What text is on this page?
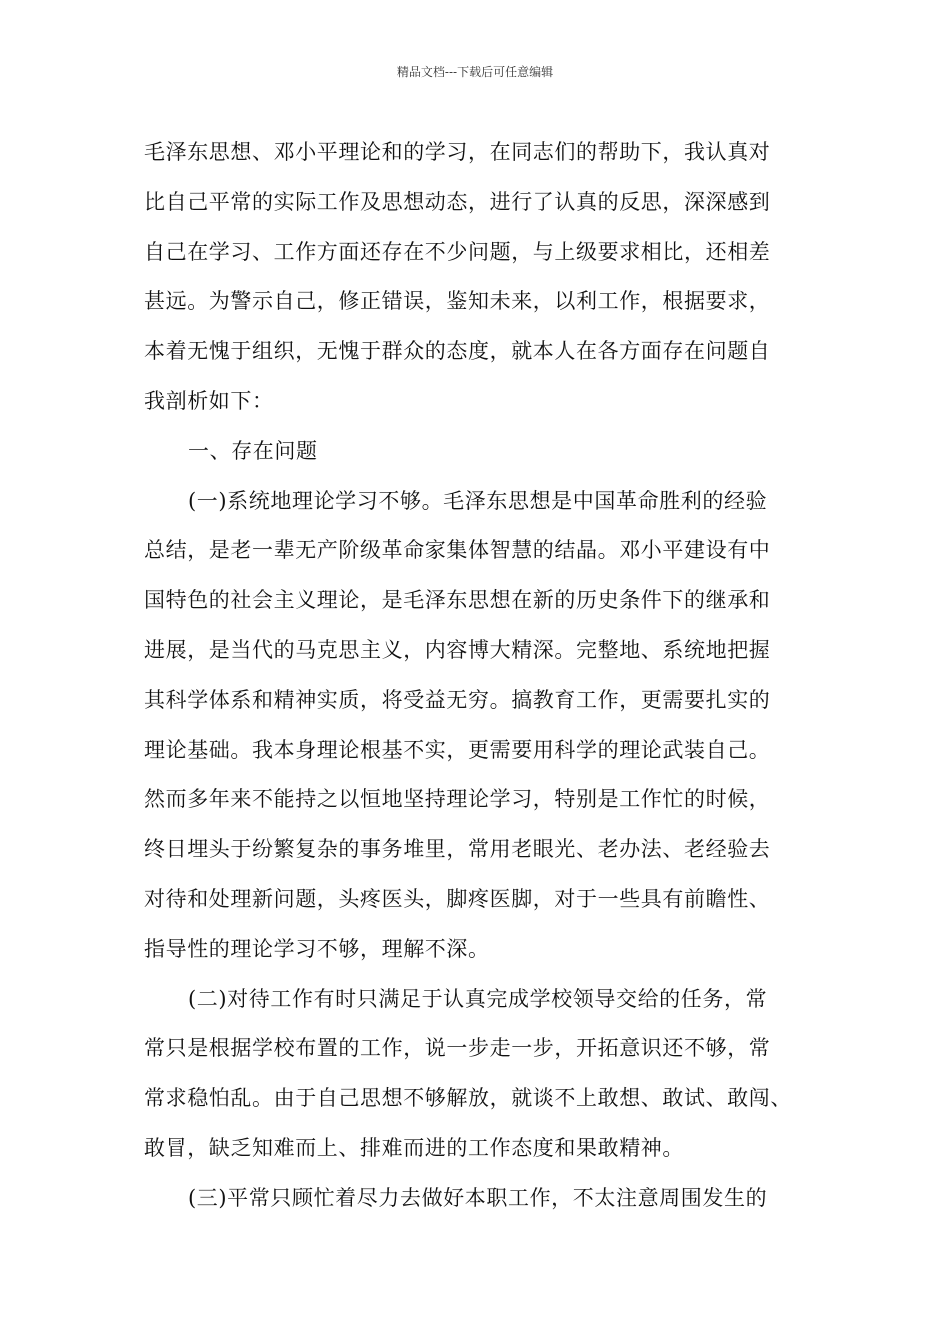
精品文档---下载后可任意编辑
毛泽东思想、邓小平理论和的学习，在同志们的帮助下，我认真对
比自己平常的实际工作及思想动态，进行了认真的反思，深深感到
自己在学习、工作方面还存在不少问题，与上级要求相比，还相差
甚远。为警示自己，修正错误，鉴知未来，以利工作，根据要求，
本着无愧于组织，无愧于群众的态度，就本人在各方面存在问题自
我剖析如下：
一、存在问题
(一)系统地理论学习不够。毛泽东思想是中国革命胜利的经验
总结，是老一辈无产阶级革命家集体智慧的结晶。邓小平建设有中
国特色的社会主义理论，是毛泽东思想在新的历史条件下的继承和
进展，是当代的马克思主义，内容博大精深。完整地、系统地把握
其科学体系和精神实质，将受益无穷。搞教育工作，更需要扎实的
理论基础。我本身理论根基不实，更需要用科学的理论武装自己。
然而多年来不能持之以恒地坚持理论学习，特别是工作忙的时候，
终日埋头于纷繁复杂的事务堆里，常用老眼光、老办法、老经验去
对待和处理新问题，头疼医头，脚疼医脚，对于一些具有前瞻性、
指导性的理论学习不够，理解不深。
(二)对待工作有时只满足于认真完成学校领导交给的任务，常
常只是根据学校布置的工作，说一步走一步，开拓意识还不够，常
常求稳怕乱。由于自己思想不够解放，就谈不上敢想、敢试、敢闯、
敢冒，缺乏知难而上、排难而进的工作态度和果敢精神。
(三)平常只顾忙着尽力去做好本职工作，不太注意周围发生的
